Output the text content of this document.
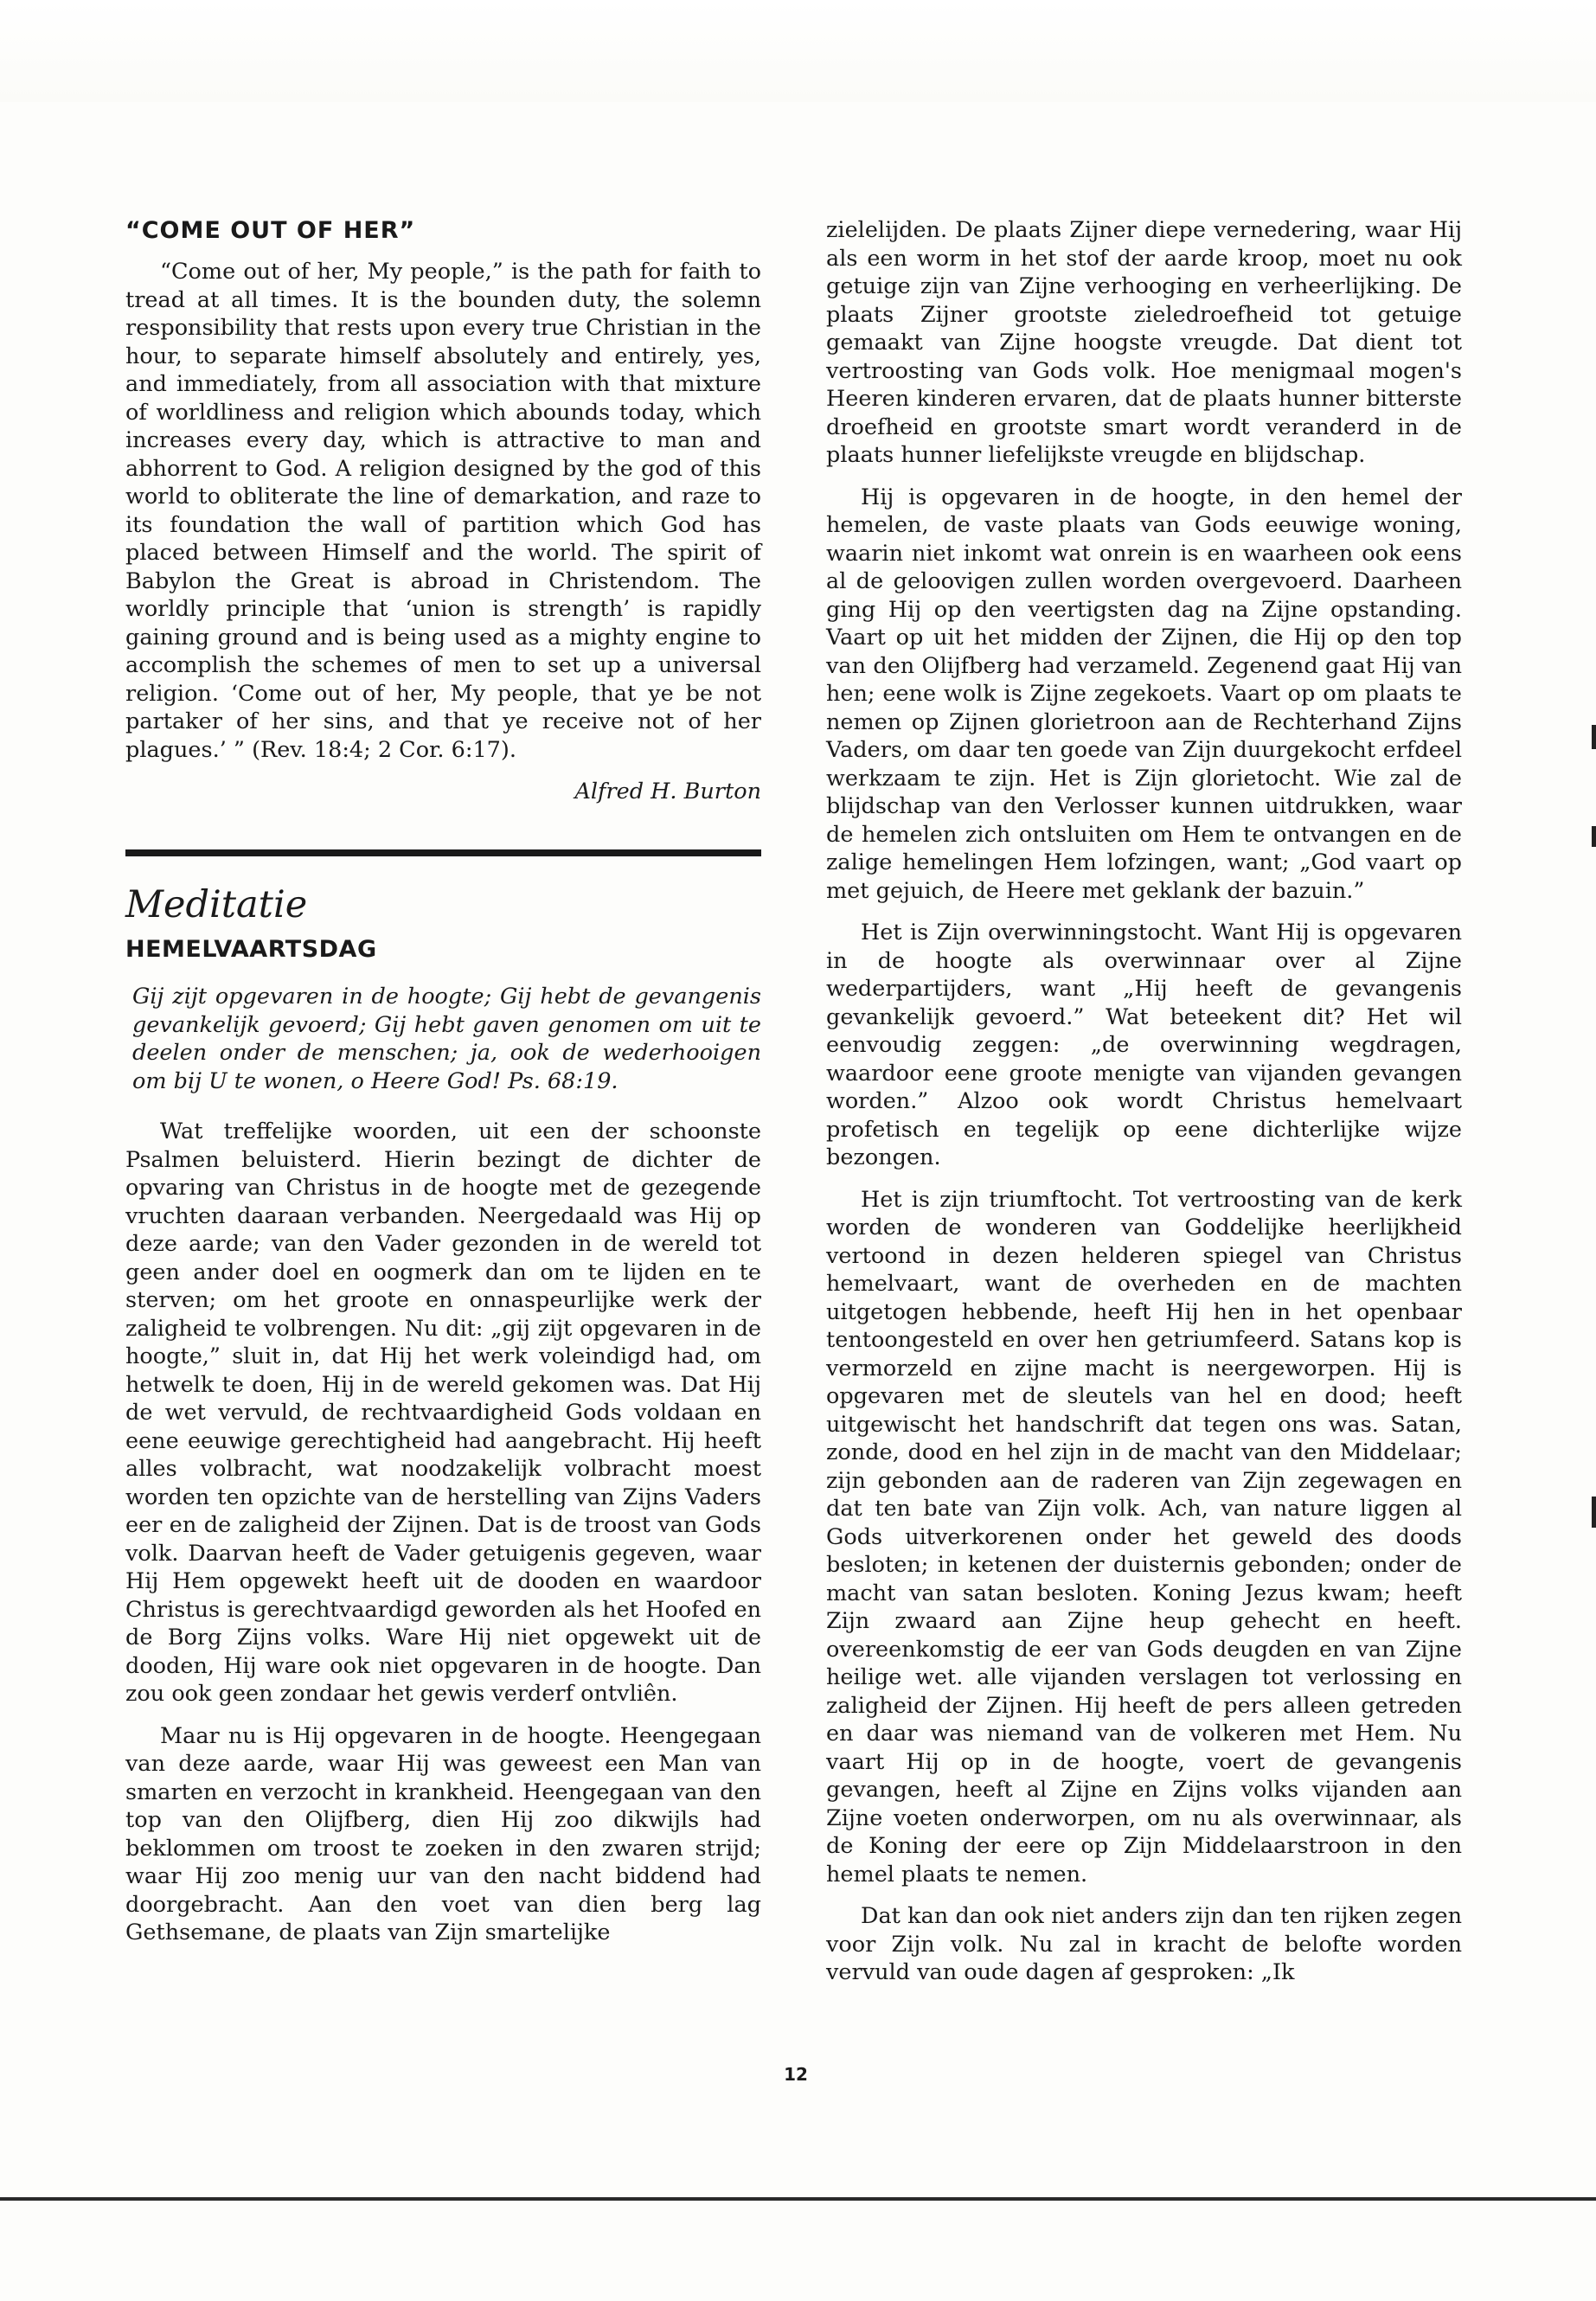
“COME OUT OF HER”

“Come out of her, My people,” is the path for faith to tread at all times. It is the bounden duty, the solemn responsibility that rests upon every true Christian in the hour, to separate himself absolutely and entirely, yes, and immediately, from all association with that mixture of worldliness and religion which abounds today, which increases every day, which is attractive to man and abhorrent to God. A religion designed by the god of this world to obliterate the line of demarkation, and raze to its foundation the wall of partition which God has placed between Himself and the world. The spirit of Babylon the Great is abroad in Christendom. The worldly principle that ‘union is strength’ is rapidly gaining ground and is being used as a mighty engine to accomplish the schemes of men to set up a universal religion. ‘Come out of her, My people, that ye be not partaker of her sins, and that ye receive not of her plagues.’ ” (Rev. 18:4; 2 Cor. 6:17).

Alfred H. Burton

Meditatie
HEMELVAARTSDAG

Gij zijt opgevaren in de hoogte; Gij hebt de gevangenis gevankelijk gevoerd; Gij hebt gaven genomen om uit te deelen onder de menschen; ja, ook de wederhooigen om bij U te wonen, o Heere God! Ps. 68:19.

Wat treffelijke woorden, uit een der schoonste Psalmen beluisterd. Hierin bezingt de dichter de opvaring van Christus in de hoogte met de gezegende vruchten daaraan verbanden. Neergedaald was Hij op deze aarde; van den Vader gezonden in de wereld tot geen ander doel en oogmerk dan om te lijden en te sterven; om het groote en onnaspeurlijke werk der zaligheid te volbrengen. Nu dit: „gij zijt opgevaren in de hoogte,” sluit in, dat Hij het werk voleindigd had, om hetwelk te doen, Hij in de wereld gekomen was. Dat Hij de wet vervuld, de rechtvaardigheid Gods voldaan en eene eeuwige gerechtigheid had aangebracht. Hij heeft alles volbracht, wat noodzakelijk volbracht moest worden ten opzichte van de herstelling van Zijns Vaders eer en de zaligheid der Zijnen. Dat is de troost van Gods volk. Daarvan heeft de Vader getuigenis gegeven, waar Hij Hem opgewekt heeft uit de dooden en waardoor Christus is gerechtvaardigd geworden als het Hoofed en de Borg Zijns volks. Ware Hij niet opgewekt uit de dooden, Hij ware ook niet opgevaren in de hoogte. Dan zou ook geen zondaar het gewis verderf ontvliên.

Maar nu is Hij opgevaren in de hoogte. Heengegaan van deze aarde, waar Hij was geweest een Man van smarten en verzocht in krankheid. Heengegaan van den top van den Olijfberg, dien Hij zoo dikwijls had beklommen om troost te zoeken in den zwaren strijd; waar Hij zoo menig uur van den nacht biddend had doorgebracht. Aan den voet van dien berg lag Gethsemane, de plaats van Zijn smartelijke

zielelijden. De plaats Zijner diepe vernedering, waar Hij als een worm in het stof der aarde kroop, moet nu ook getuige zijn van Zijne verhooging en verheerlijking. De plaats Zijner grootste zieledroefheid tot getuige gemaakt van Zijne hoogste vreugde. Dat dient tot vertroosting van Gods volk. Hoe menigmaal mogen's Heeren kinderen ervaren, dat de plaats hunner bitterste droefheid en grootste smart wordt veranderd in de plaats hunner liefelijkste vreugde en blijdschap.

Hij is opgevaren in de hoogte, in den hemel der hemelen, de vaste plaats van Gods eeuwige woning, waarin niet inkomt wat onrein is en waarheen ook eens al de geloovigen zullen worden overgevoerd. Daarheen ging Hij op den veertigsten dag na Zijne opstanding. Vaart op uit het midden der Zijnen, die Hij op den top van den Olijfberg had verzameld. Zegenend gaat Hij van hen; eene wolk is Zijne zegekoets. Vaart op om plaats te nemen op Zijnen glorietroon aan de Rechterhand Zijns Vaders, om daar ten goede van Zijn duurgekocht erfdeel werkzaam te zijn. Het is Zijn glorietocht. Wie zal de blijdschap van den Verlosser kunnen uitdrukken, waar de hemelen zich ontsluiten om Hem te ontvangen en de zalige hemelingen Hem lofzingen, want; „God vaart op met gejuich, de Heere met geklank der bazuin.”

Het is Zijn overwinningstocht. Want Hij is opgevaren in de hoogte als overwinnaar over al Zijne wederpartijders, want „Hij heeft de gevangenis gevankelijk gevoerd.” Wat beteekent dit? Het wil eenvoudig zeggen: „de overwinning wegdragen, waardoor eene groote menigte van vijanden gevangen worden.” Alzoo ook wordt Christus hemelvaart profetisch en tegelijk op eene dichterlijke wijze bezongen.

Het is zijn triumftocht. Tot vertroosting van de kerk worden de wonderen van Goddelijke heerlijkheid vertoond in dezen helderen spiegel van Christus hemelvaart, want de overheden en de machten uitgetogen hebbende, heeft Hij hen in het openbaar tentoongesteld en over hen getriumfeerd. Satans kop is vermorzeld en zijne macht is neergeworpen. Hij is opgevaren met de sleutels van hel en dood; heeft uitgewischt het handschrift dat tegen ons was. Satan, zonde, dood en hel zijn in de macht van den Middelaar; zijn gebonden aan de raderen van Zijn zegewagen en dat ten bate van Zijn volk. Ach, van nature liggen al Gods uitverkorenen onder het geweld des doods besloten; in ketenen der duisternis gebonden; onder de macht van satan besloten. Koning Jezus kwam; heeft Zijn zwaard aan Zijne heup gehecht en heeft. overeenkomstig de eer van Gods deugden en van Zijne heilige wet. alle vijanden verslagen tot verlossing en zaligheid der Zijnen. Hij heeft de pers alleen getreden en daar was niemand van de volkeren met Hem. Nu vaart Hij op in de hoogte, voert de gevangenis gevangen, heeft al Zijne en Zijns volks vijanden aan Zijne voeten onderworpen, om nu als overwinnaar, als de Koning der eere op Zijn Middelaarstroon in den hemel plaats te nemen.

Dat kan dan ook niet anders zijn dan ten rijken zegen voor Zijn volk. Nu zal in kracht de belofte worden vervuld van oude dagen af gesproken: „Ik

12
